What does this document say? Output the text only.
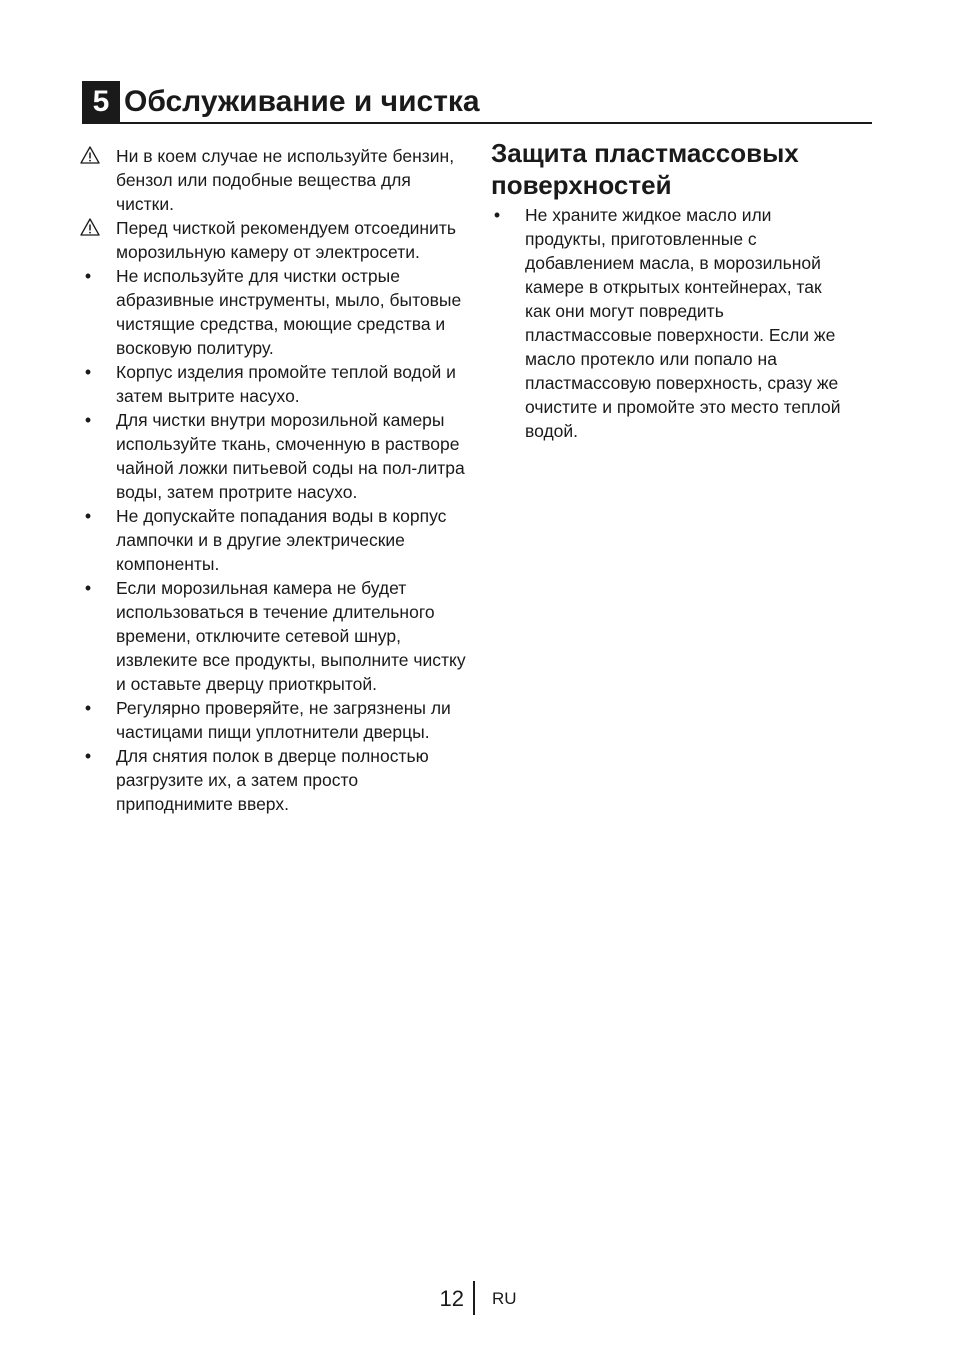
5 Обслуживание и чистка
Ни в коем случае не используйте бензин, бензол или подобные вещества для чистки.
Перед чисткой рекомендуем отсоединить морозильную камеру от электросети.
•	Не используйте для чистки острые абразивные инструменты, мыло, бытовые чистящие средства, моющие средства и восковую политуру.
•	Корпус изделия промойте теплой водой и затем вытрите насухо.
•	Для чистки внутри морозильной камеры используйте ткань, смоченную в растворе чайной ложки питьевой соды на пол-литра воды, затем протрите насухо.
•	Не допускайте попадания воды в корпус лампочки и в другие электрические компоненты.
•	Если морозильная камера не будет использоваться в течение длительного времени, отключите сетевой шнур, извлеките все продукты, выполните чистку и оставьте дверцу приоткрытой.
•	Регулярно проверяйте, не загрязнены ли частицами пищи уплотнители дверцы.
•	Для снятия полок в дверце полностью разгрузите их, а затем просто приподнимите вверх.
Защита пластмассовых поверхностей
•	Не храните жидкое масло или продукты, приготовленные с добавлением масла, в морозильной камере в открытых контейнерах, так как они могут повредить пластмассовые поверхности. Если же масло протекло или попало на пластмассовую поверхность, сразу же очистите и промойте это место теплой водой.
12 RU
